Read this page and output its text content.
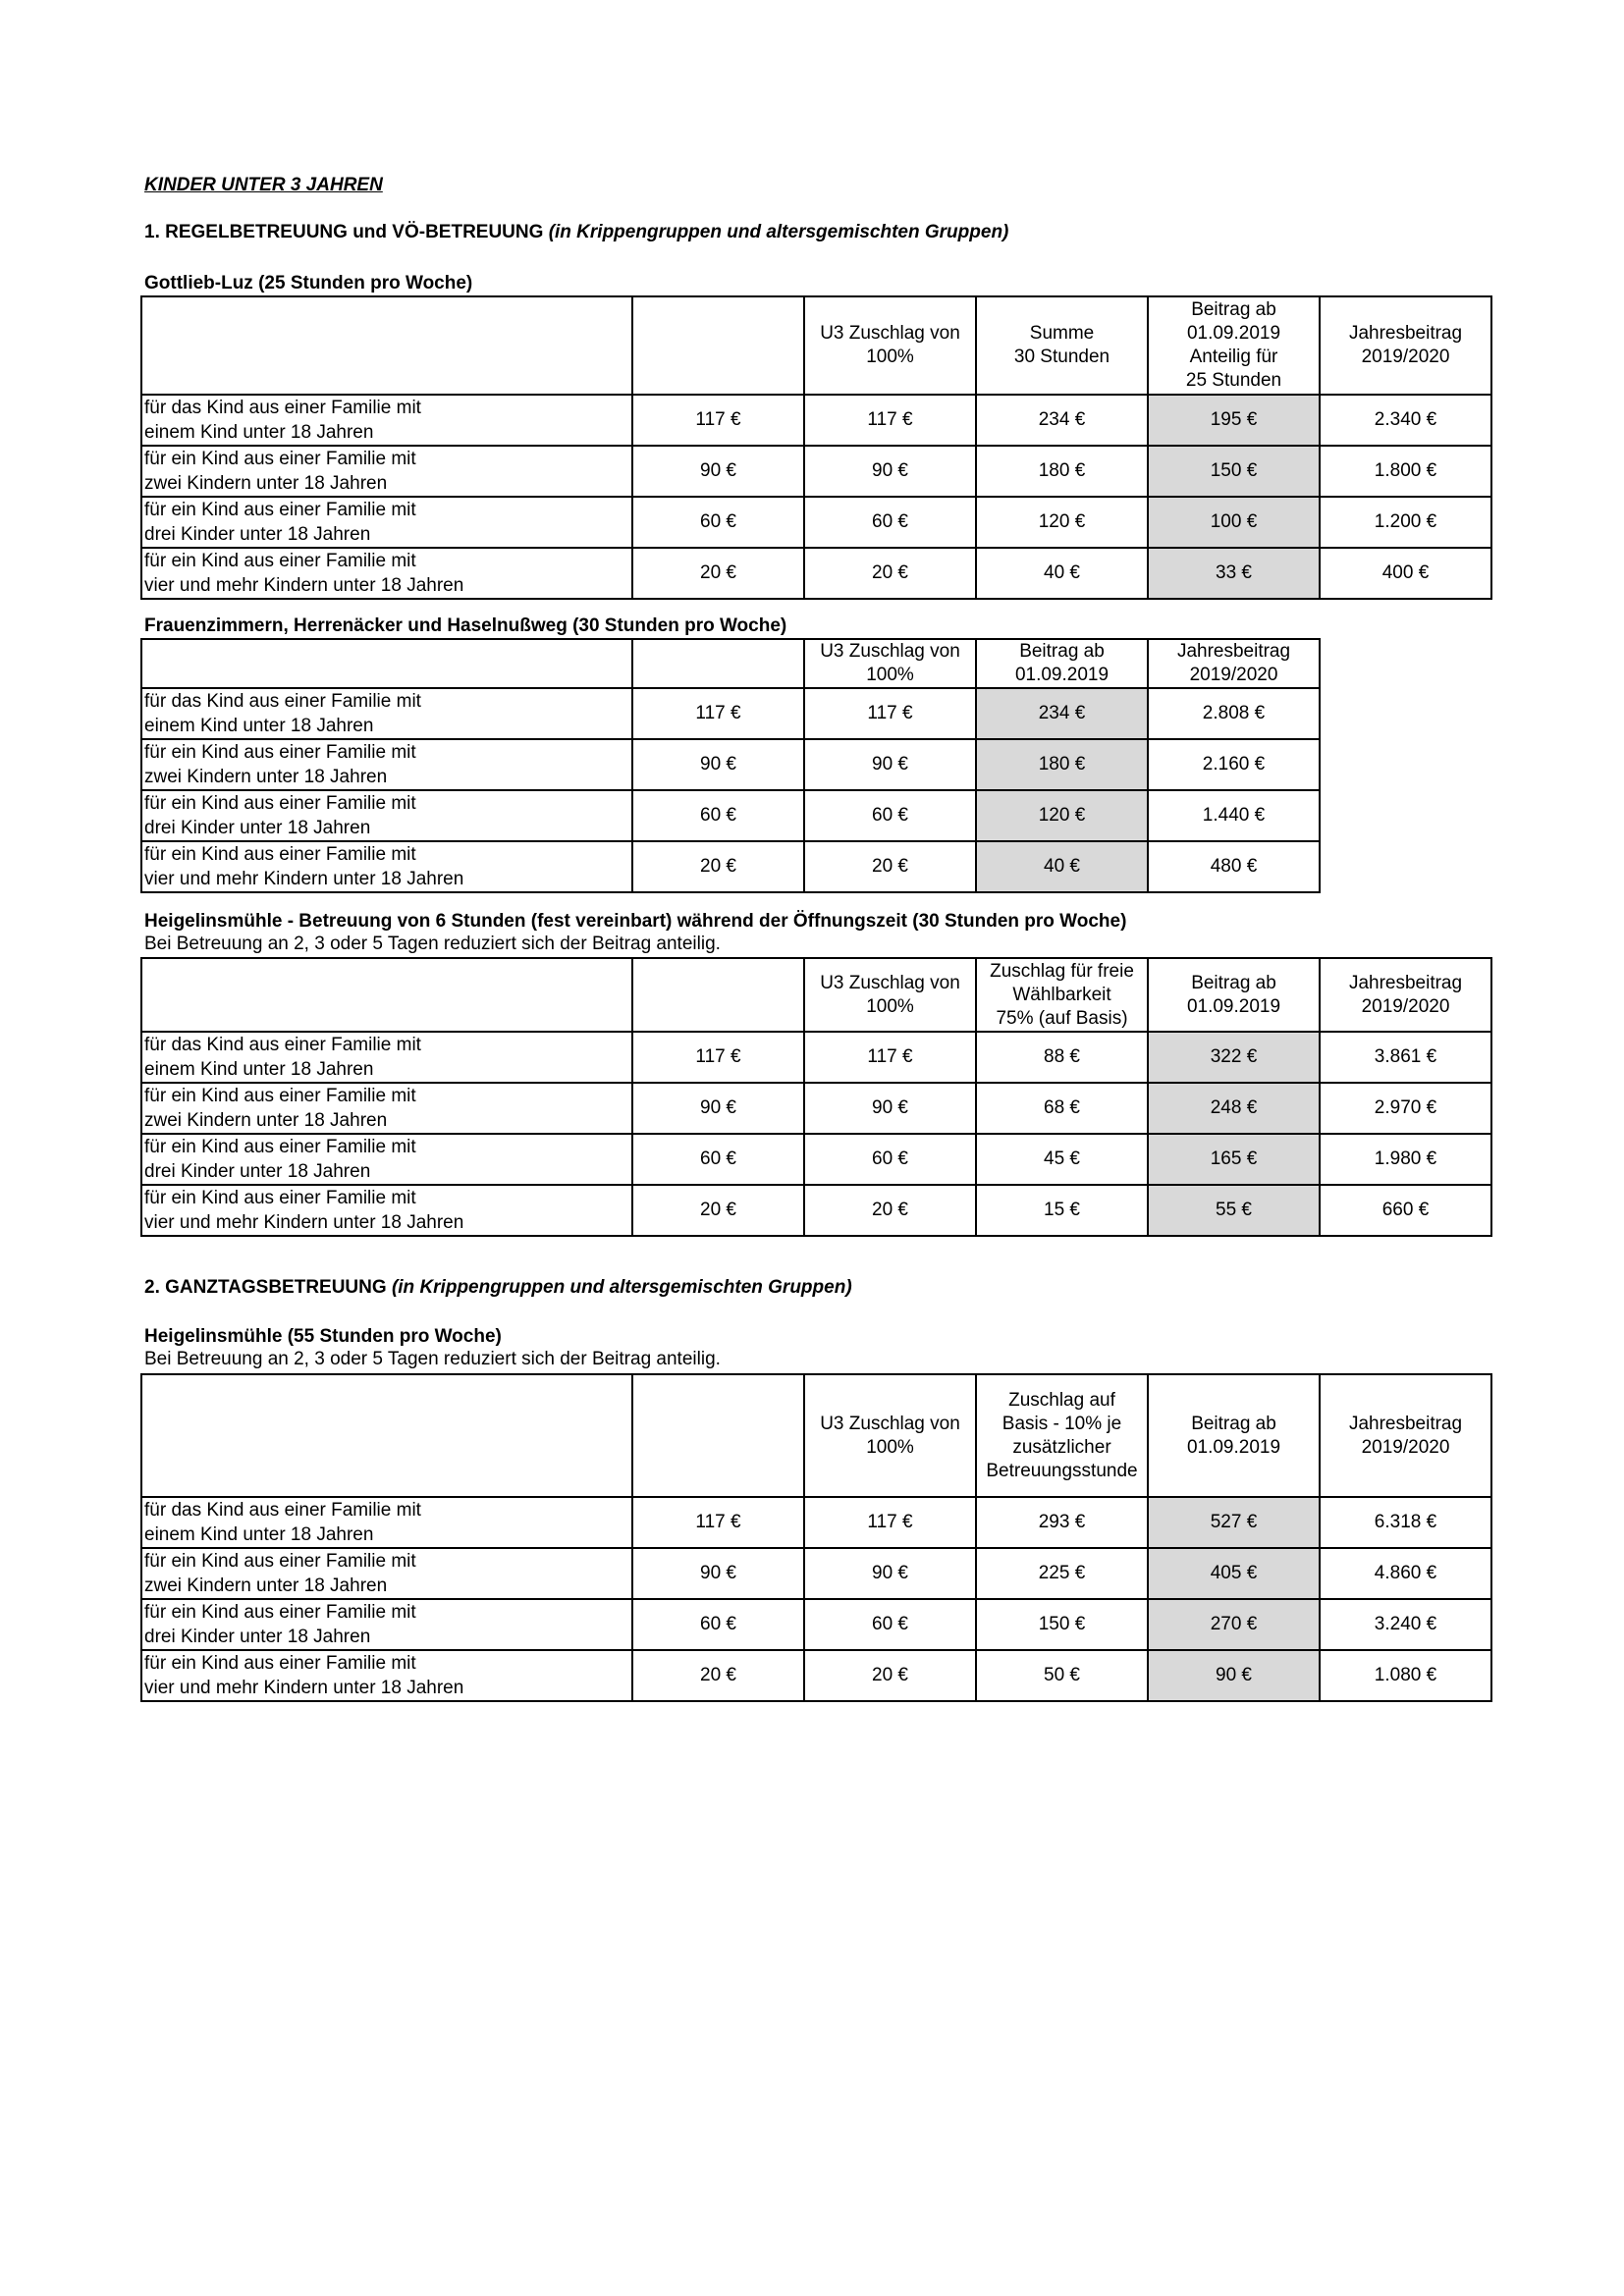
KINDER UNTER 3 JAHREN
1. REGELBETREUUNG und VÖ-BETREUUNG (in Krippengruppen und altersgemischten Gruppen)
Gottlieb-Luz (25 Stunden pro Woche)

		U3 Zuschlag von
100%	Summe
30 Stunden	Beitrag ab
01.09.2019
Anteilig für
25 Stunden	Jahresbeitrag
2019/2020

für das Kind aus einer Familie mit
einem Kind unter 18 Jahren	117 €	117 €	234 €	195 €	2.340 €

für ein Kind aus einer Familie mit
zwei Kindern unter 18 Jahren	90 €	90 €	180 €	150 €	1.800 €

für ein Kind aus einer Familie mit
drei Kinder unter 18 Jahren	60 €	60 €	120 €	100 €	1.200 €

für ein Kind aus einer Familie mit
vier und mehr Kindern unter 18 Jahren	20 €	20 €	40 €	33 €	400 €
Frauenzimmern, Herrenäcker und Haselnußweg (30 Stunden pro Woche)

		U3 Zuschlag von
100%	Beitrag ab
01.09.2019	Jahresbeitrag
2019/2020

für das Kind aus einer Familie mit
einem Kind unter 18 Jahren	117 €	117 €	234 €	2.808 €

für ein Kind aus einer Familie mit
zwei Kindern unter 18 Jahren	90 €	90 €	180 €	2.160 €

für ein Kind aus einer Familie mit
drei Kinder unter 18 Jahren	60 €	60 €	120 €	1.440 €

für ein Kind aus einer Familie mit
vier und mehr Kindern unter 18 Jahren	20 €	20 €	40 €	480 €
Heigelinsmühle - Betreuung von 6 Stunden (fest vereinbart) während der Öffnungszeit (30 Stunden pro Woche)
Bei Betreuung an 2, 3 oder 5 Tagen reduziert sich der Beitrag anteilig.

		U3 Zuschlag von
100%	Zuschlag für freie
Wählbarkeit
75% (auf Basis)	Beitrag ab
01.09.2019	Jahresbeitrag
2019/2020

für das Kind aus einer Familie mit
einem Kind unter 18 Jahren	117 €	117 €	88 €	322 €	3.861 €

für ein Kind aus einer Familie mit
zwei Kindern unter 18 Jahren	90 €	90 €	68 €	248 €	2.970 €

für ein Kind aus einer Familie mit
drei Kinder unter 18 Jahren	60 €	60 €	45 €	165 €	1.980 €

für ein Kind aus einer Familie mit
vier und mehr Kindern unter 18 Jahren	20 €	20 €	15 €	55 €	660 €
2. GANZTAGSBETREUUNG (in Krippengruppen und altersgemischten Gruppen)
Heigelinsmühle (55 Stunden pro Woche)
Bei Betreuung an 2, 3 oder 5 Tagen reduziert sich der Beitrag anteilig.

		U3 Zuschlag von
100%	Zuschlag auf
Basis - 10% je
zusätzlicher
Betreuungsstunde	Beitrag ab
01.09.2019	Jahresbeitrag
2019/2020

für das Kind aus einer Familie mit
einem Kind unter 18 Jahren	117 €	117 €	293 €	527 €	6.318 €

für ein Kind aus einer Familie mit
zwei Kindern unter 18 Jahren	90 €	90 €	225 €	405 €	4.860 €

für ein Kind aus einer Familie mit
drei Kinder unter 18 Jahren	60 €	60 €	150 €	270 €	3.240 €

für ein Kind aus einer Familie mit
vier und mehr Kindern unter 18 Jahren	20 €	20 €	50 €	90 €	1.080 €
